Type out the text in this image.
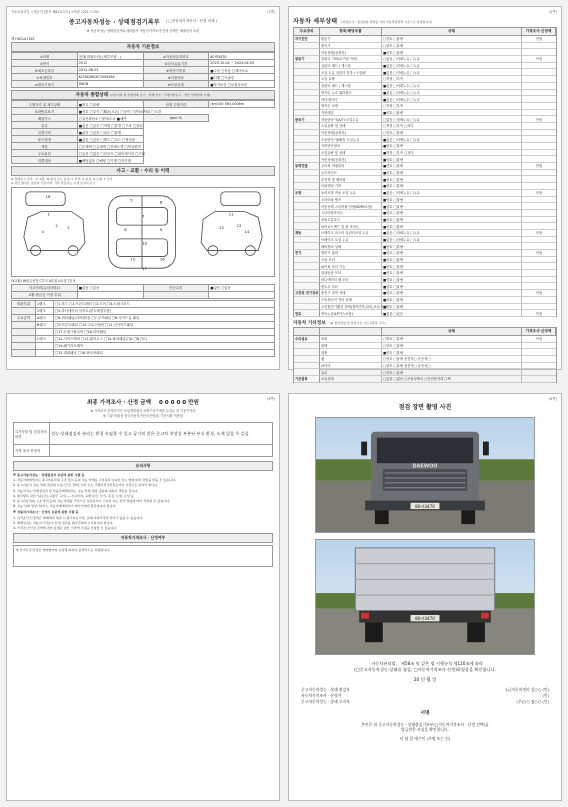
자동차관리법 시행규칙 [별지 제82호서식] <개정 2021.7.19>	(1쪽)
중고자동차성능 · 상태점검기록부 ( □자동차가격조사 · 산정 선택 )
※ 자동차성능·상태점검자와 매매업자 자동차가격조사·산정 선택은 매매업자 보관
제 H0210170Z
자동차 기본정보
①차명	현대(대형트럭) (세부모델 : )	②자동차등록번호	80바3470
③연식	2012	④검사유효기간	2023.10.04 ~ 2024.04.03
⑤최초등록일	2012-08-23	⑥변속기종류	■수동 □자동 □세미오토
⑦차대번호	KLTNDJ8XXCS009384	⑧사용연료	■디젤 □가솔린
⑨원동기형식	D6CB	⑩보증유형	■자가보증 □보험사보증
자동차 종합상태 (사용이력 및 판정상태 표기 · 상태 양호 · 주행거리표시 · 관련 상세설명 기재)
주행거리 및 계기상태	■양호 □불량	현재 주행거리	(km/10) 563,000km
차대번호표기	■양호 □부식 □훼손(오손) □상이 □변조(변타) □도말		
배출가스	□일산화탄소 □탄화수소 ■매연	ppm %	
튜닝	■없음 □있음 □적법 □불법 □구조 □장치		
특별이력	■없음 □있음 □침수 □화재		
용도변경	■없음 □있음 □렌트 □리스 □영업용		
색상	□무채색 □유채색 □전체도색 □색상변경		
주요옵션	□있음 □없음 □선루프 □내비게이션 □기타		
리콜대상	■해당없음 □해당 □이행 □미이행		
사고 · 교환 · 수리 등 이력
※ 상태표시 부호 : X 교환, W 판금 또는 용접, C 부식, A 흠집, U 요철, T 손상
※ 하단 항목은 승용차 기준이며, 기타 자동차는 이에 준하여 표시
1
2 3
4
5	6
7
8	9
10
11
12
13
14
15	16
17
18
(X교환) W판금용접 C부식 A흠집 U요철 T손상
사고이력(유의사항1)	■없음 □있음	단순수리	■없음 □있음
교환·판금등 이상 부위			
외판부위	1랭크	□1.후드 □2.프론트펜더 □3.도어 □4.트렁크리드
	2랭크	□5.라디에이터 서포트(볼트체결부품)
주요골격	A랭크	□6.쿼터패널(리어펜더) □7.루프패널 □8.사이드실 패널
	B랭크	□9.프론트패널 □10.크로스멤버 □11.인사이드패널
		□17.트렁크플로어 □18.리어패널
	C랭크	□12.사이드멤버 □13.휠하우스 □14.필러패널(□A □B □C)
		□19.패키지트레이
		□15.대쉬패널 □16.플로어패널
(2쪽)
자동차 세부상태 (자연조사 : 점검범위·상태를 국내 자동차관리법 기준으로 판정합니다)
주요장치	항목/해당부품	상태	가격조사·산정액
자기진단	원동기	□양호 □불량	만원
변속기	□양호 □불량
작동상태(공회전)	■양호 □불량
원동기	실린더 커버(로커암 커버)	□없음 □미세누유 □누유	만원
실린더 헤드 / 개스킷	■없음 □미세누유 □누유
오일 누유 실린더 블록 / 오일팬	■없음 □미세누유 □누유
오일 유량	□적정 □부족
실린더 헤드 / 개스킷	■없음 □미세누수 □누수
냉각수 누수 워터펌프	■없음 □미세누수 □누수
라디에이터	■없음 □미세누수 □누수
냉각수 수량	□적정 □부족
커먼레일	■양호 □불량
변속기	자동변속기(A/T) 오일누유	□없음 □미세누유 □누유	만원
오일유량 및 상태	□적정 □부족 □과다
작동상태(공회전)	□양호 □불량
수동변속기(M/T) 오일누유	■없음 □미세누유 □누유
기어변속장치	■양호 □불량
오일유량 및 상태	■적정 □부족 □과다
작동상태(공회전)	■양호 □불량
동력전달	클러치 어셈블리	■양호 □불량	만원
등속조인트	■양호 □불량
추진축 및 베어링	■양호 □불량
디퍼렌셜 기어	■양호 □불량
조향	동력조향 작동 오일 누유	■없음 □미세누유 □누유	만원
스티어링 펌프	■양호 □불량
작동상태 스티어링기어(MDPS포함)	■양호 □불량
스티어링조인트	■양호 □불량
파워고압호스	■양호 □불량
타이로드엔드 및 볼 조인트	■양호 □불량
제동	브레이크 마스터 실린더오일 누유	■없음 □미세누유 □누유	만원
브레이크 오일 누유	■없음 □미세누유 □누유
배력장치 상태	■양호 □불량
전기	발전기 출력	■양호 □불량	만원
시동 모터	■양호 □불량
와이퍼 모터 기능	■양호 □불량
실내송풍 모터	■양호 □불량
라디에이터 팬 모터	■양호 □불량
윈도우 모터	■양호 □불량
고전원 전기장치 충전구 절연 상태	■양호 □불량	만원
구동축전지 격리 상태	■양호 □불량
고전원전기배선 상태(접속단자,피복,보호기구)
■양호 □불량
연료	연료누출(LP가스포함)	■없음 □있음	만원
자동차 기타정보 (※ 점검범위 및 판정기준 국토교통부 고시)
상태	가격조사·산정액
수리필요	외장	□양호 □불량	만원
광택	□양호 □불량
내장	■양호 □불량
휠	□양호 □불량 운전석□ 동승석□
타이어	□양호 □불량 운전석□ 동승석□
유리	□양호 □불량
기본품목	보유상태	□있음 □없음 □사용설명서 □안전삼각대 □잭
(3쪽)
최종 가격조사 · 산정 금액 0 0 0 0 0 만원
※ 가격조사·산정가격은 보험개발원의 차량기준가액을 토대로 한 기준가격임
※ 기술사회(전 한국자동차진단보증협회) 기준서를 적용함
특기사항 및 점검자의 의견	성능·상태점검자 관리는 환경 오염물 수 있고 공기외 않은 중고차 작성상 부분된 부식 환경, 도제 있을 수 있음
가격 조사·산정자	
유의사항

※ 중고자동차성능 · 상태점검의 보증에 관한 사항 등

1. 자동차매매업자는 중고자동차의 구조·장치 등의 성능·상태를 고지하지 아니한 자는 법에 따라 처벌을 받을 수 있습니다.

2. 중고자동차 성능·상태 점검의 보증기간은 30일 이상 또는 주행거리 2천킬로미터 이상으로 하여야 합니다.

3. 자동차성능·상태점검자 및 자동차매매업자는 성능·상태 점검 내용에 대하여 책임을 집니다.

4. 체크항목 판단기준(국토교통부 고시) — 사고이력, 교환·판금, 부식, 흠집, 요철, 손상 등

5. 중고자동차의 구조·장치 등의 성능·상태를 거짓으로 점검하거나 고지한 자는 관련 법령에 따라 처벌될 수 있습니다.

6. 성능·상태 점검기록부는 자동차매매업자가 매수인에게 발급하여야 합니다.

※ 자동차가격조사 · 산정의 보증에 관한 사항 등

1. 가격조사·산정액은 매매계약 체결 시 참고자료이며, 실제 거래가격과 차이가 있을 수 있습니다.

2. 매매업자는 자동차가격조사·산정 결과를 매수인에게 고지하여야 합니다.

3. 가격조사·산정 금액에 관한 분쟁은 관련 기관에 조정을 신청할 수 있습니다.

자동차가격조사 · 산정여부
※ 가격조사·산정은 매매업자의 요청에 의하여 선택적으로 시행됩니다.
(4쪽)
점검 장면 촬영 사진
80바3470
DAEWOO
80바3470
「자동차관리법」 제58조 및 같은 법 시행규칙 제120조에 따라
(□중고자동차성능·상태를 점검, □자동차가격조사·산정)하였음을 확인합니다.
20 년 월 일
중고자동차성능 · 상태 점검자	1급자동차정비 김○○ (인)
자동차가격조사 · 산정자	(인)
중고자동차성능 · 상태 고지자	(주)○○ 임○○ (인)
서명
본인은 위 중고자동차성능 · 상태점검기록부(□자동차가격조사 · 산정 선택)를
발급받은 사실을 확인합니다.
년 월 일 매수인 (서명 또는 인)
